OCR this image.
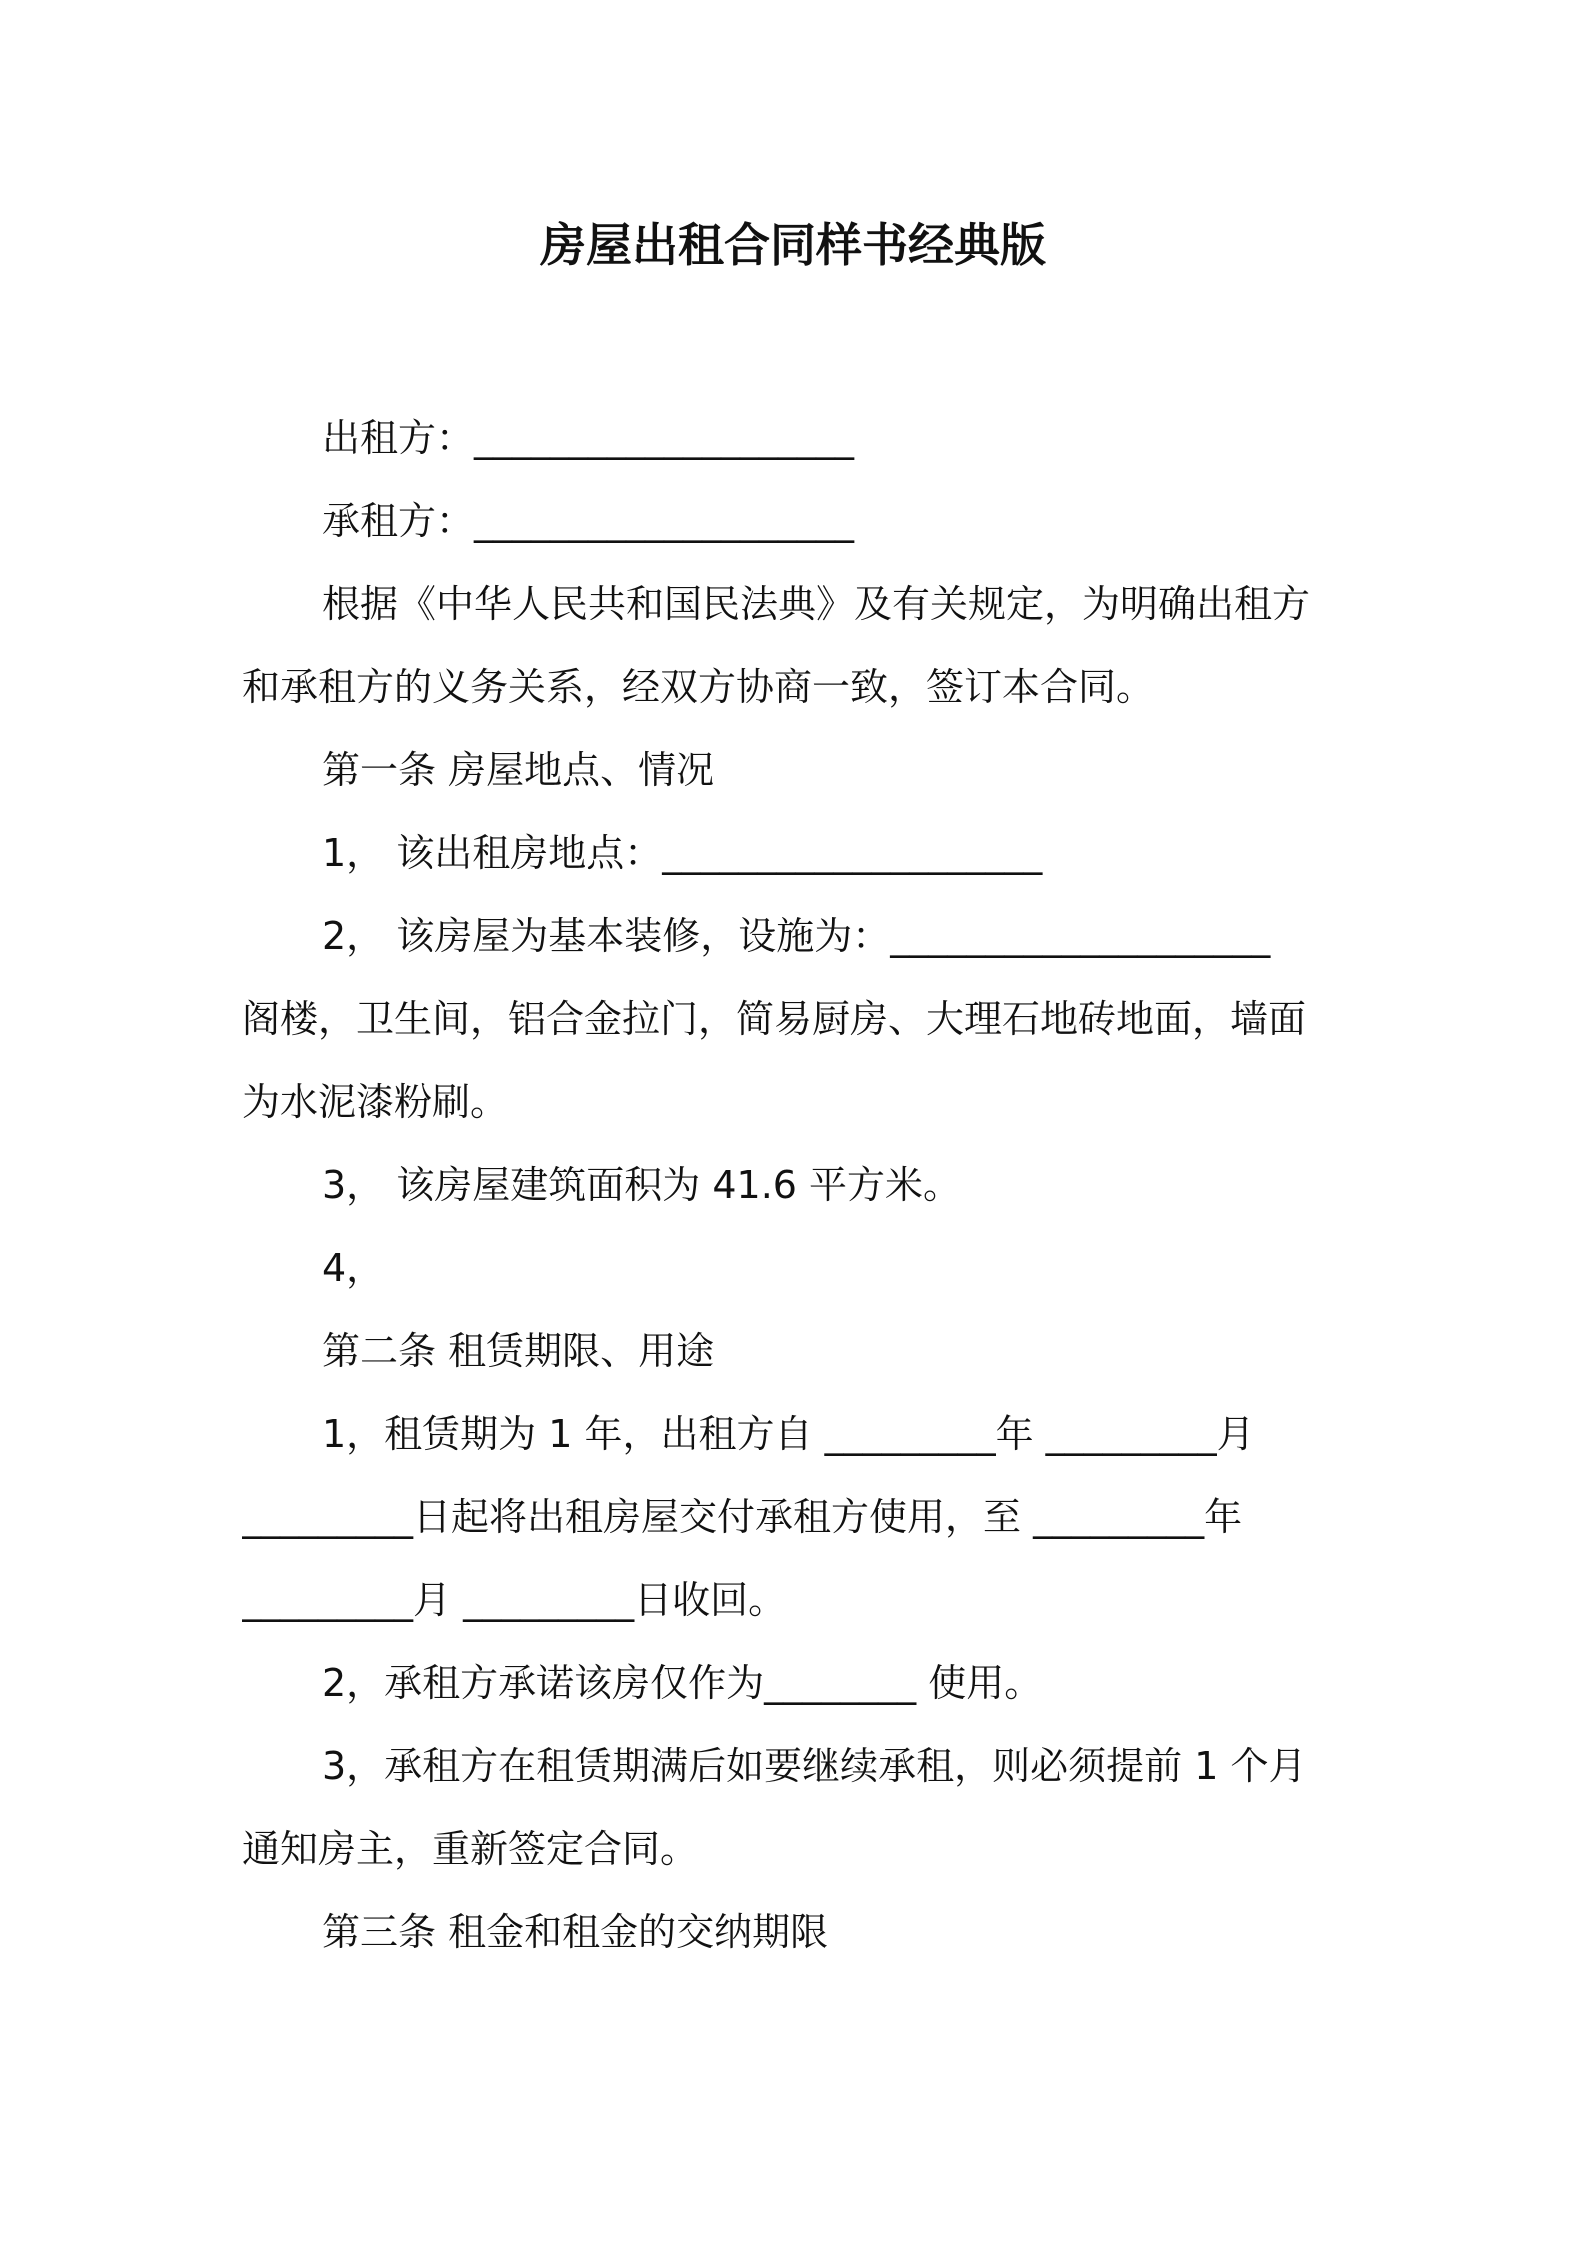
房屋出租合同样书经典版

出租方：____________________

承租方：____________________

根据《中华人民共和国民法典》及有关规定，为明确出租方

和承租方的义务关系，经双方协商一致，签订本合同。

第一条 房屋地点、情况

1， 该出租房地点：____________________

2， 该房屋为基本装修，设施为：____________________

阁楼，卫生间，铝合金拉门，简易厨房、大理石地砖地面，墙面

为水泥漆粉刷。

3， 该房屋建筑面积为 41.6 平方米。

4，

第二条 租赁期限、用途

1，租赁期为 1 年，出租方自 _________年 _________月

_________日起将出租房屋交付承租方使用，至 _________年

_________月 _________日收回。

2，承租方承诺该房仅作为________ 使用。

3，承租方在租赁期满后如要继续承租，则必须提前 1 个月

通知房主，重新签定合同。

第三条 租金和租金的交纳期限
